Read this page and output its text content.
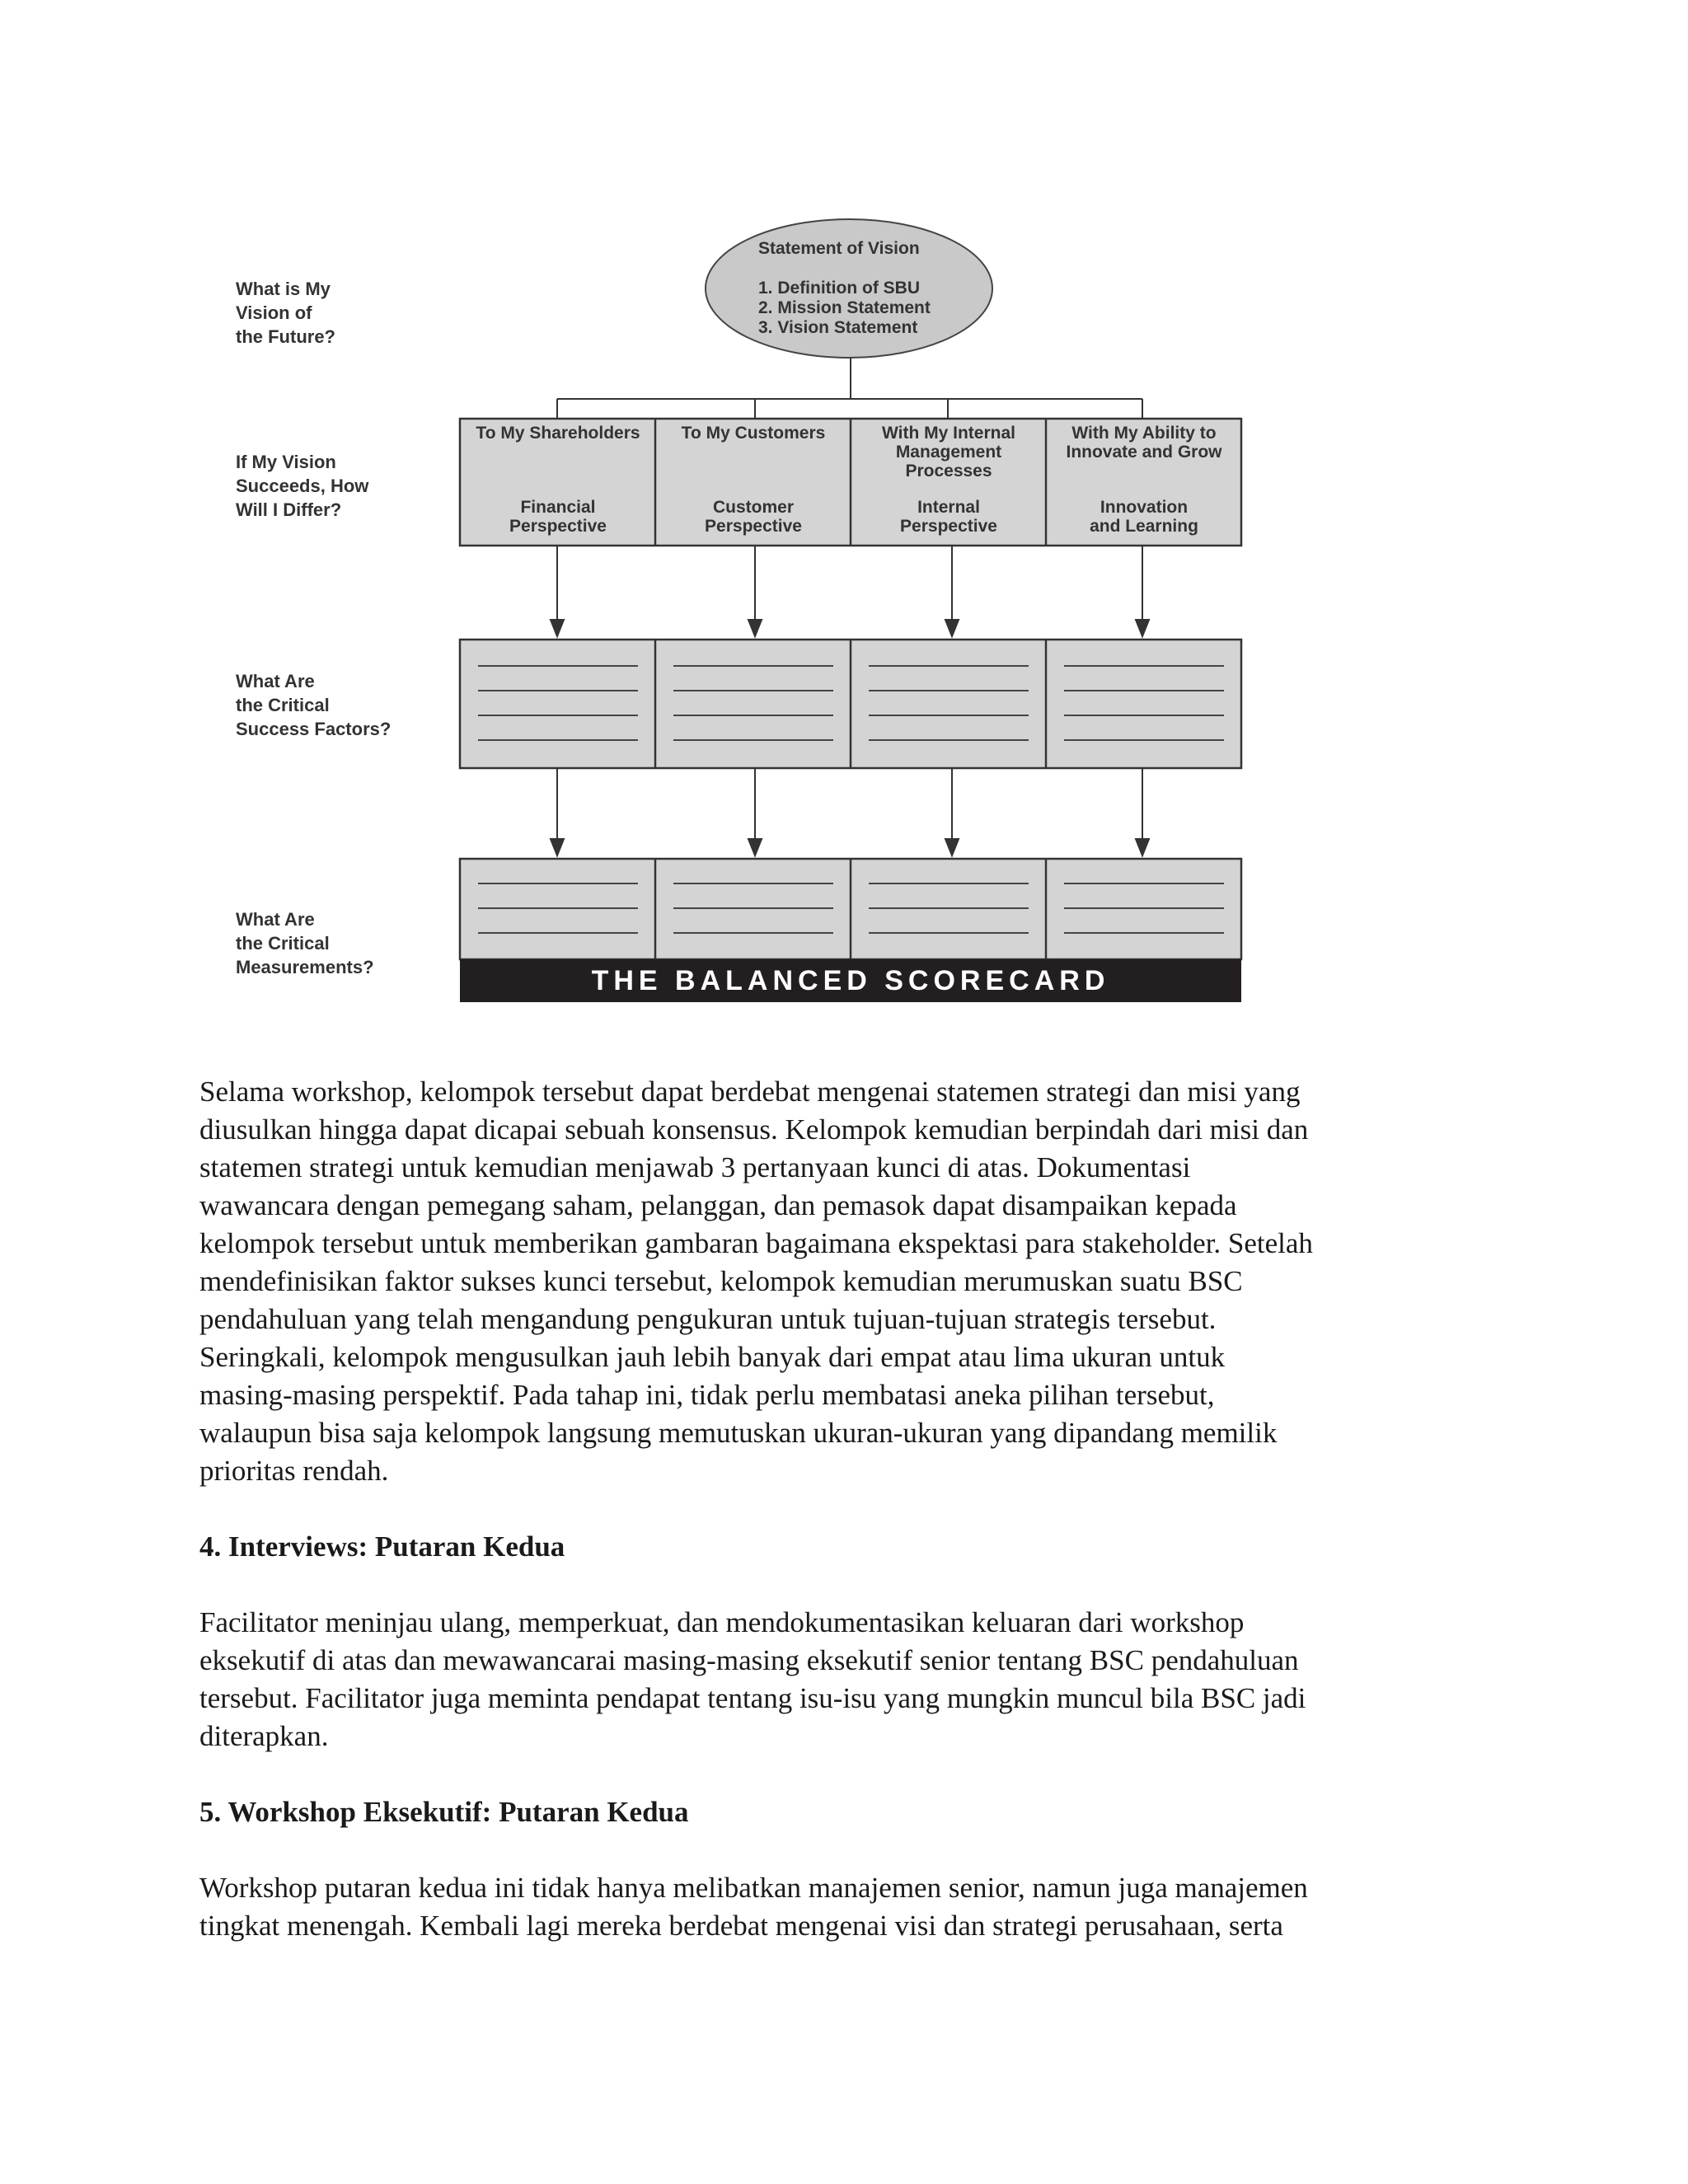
What is My
Vision of
the Future?
If My Vision
Succeeds, How
Will I Differ?
What Are
the Critical
Success Factors?
What Are
the Critical
Measurements?
Statement of Vision
1. Definition of SBU
2. Mission Statement
3. Vision Statement
To My Shareholders
Financial
Perspective
To My Customers
Customer
Perspective
With My Internal
Management
Processes
Internal
Perspective
With My Ability to
Innovate and Grow
Innovation
and Learning
THE BALANCED SCORECARD

Selama workshop, kelompok tersebut dapat berdebat mengenai statemen strategi dan misi yang
diusulkan hingga dapat dicapai sebuah konsensus. Kelompok kemudian berpindah dari misi dan
statemen strategi untuk kemudian menjawab 3 pertanyaan kunci di atas. Dokumentasi
wawancara dengan pemegang saham, pelanggan, dan pemasok dapat disampaikan kepada
kelompok tersebut untuk memberikan gambaran bagaimana ekspektasi para stakeholder. Setelah
mendefinisikan faktor sukses kunci tersebut, kelompok kemudian merumuskan suatu BSC
pendahuluan yang telah mengandung pengukuran untuk tujuan-tujuan strategis tersebut.
Seringkali, kelompok mengusulkan jauh lebih banyak dari empat atau lima ukuran untuk
masing-masing perspektif. Pada tahap ini, tidak perlu membatasi aneka pilihan tersebut,
walaupun bisa saja kelompok langsung memutuskan ukuran-ukuran yang dipandang memilik
prioritas rendah.

4. Interviews: Putaran Kedua

Facilitator meninjau ulang, memperkuat, dan mendokumentasikan keluaran dari workshop
eksekutif di atas dan mewawancarai masing-masing eksekutif senior tentang BSC pendahuluan
tersebut. Facilitator juga meminta pendapat tentang isu-isu yang mungkin muncul bila BSC jadi
diterapkan.

5. Workshop Eksekutif: Putaran Kedua

Workshop putaran kedua ini tidak hanya melibatkan manajemen senior, namun juga manajemen
tingkat menengah. Kembali lagi mereka berdebat mengenai visi dan strategi perusahaan, serta
